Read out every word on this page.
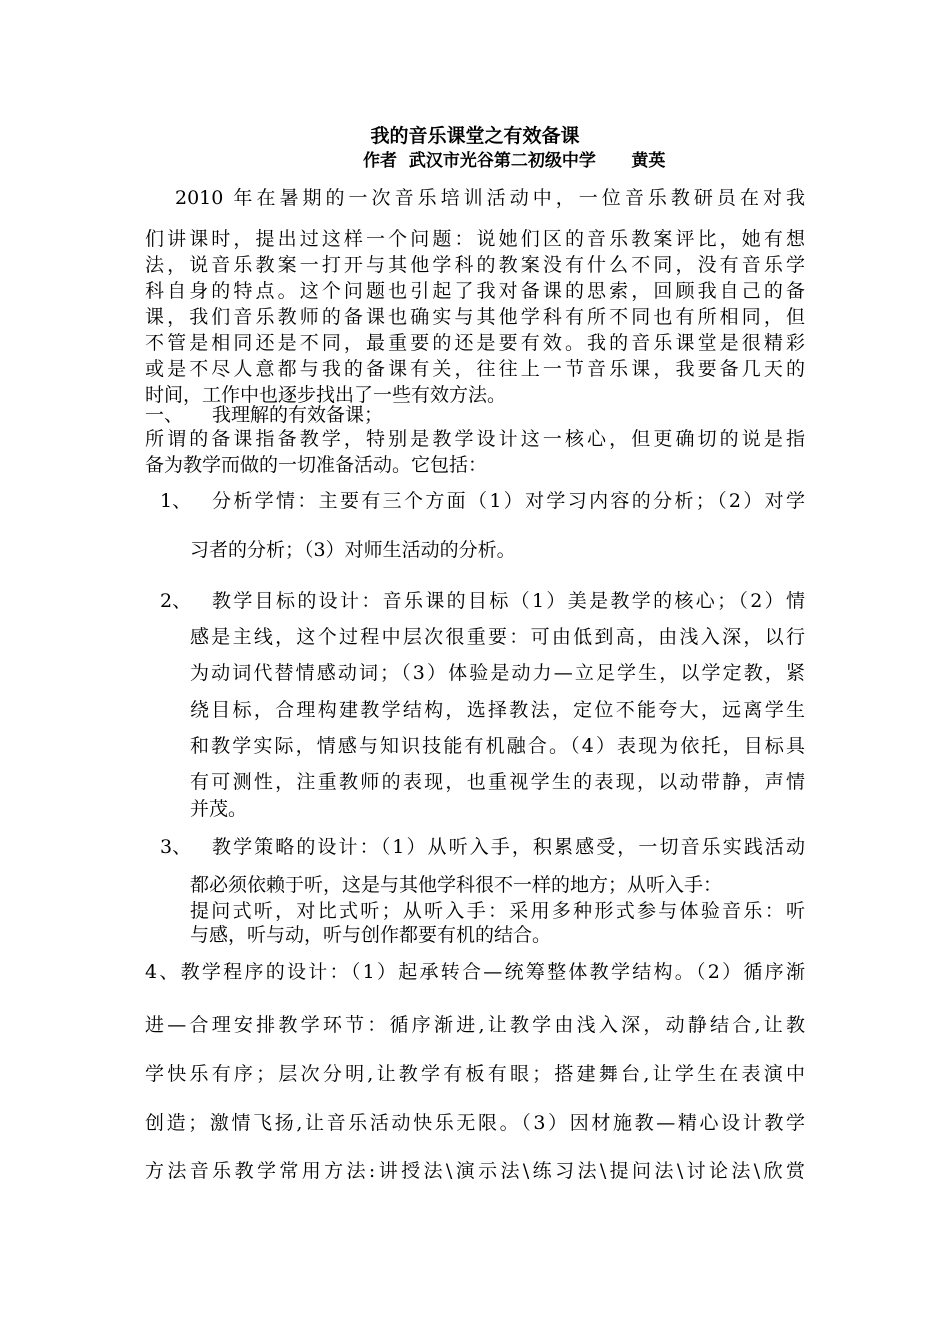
我的音乐课堂之有效备课
作者  武汉市光谷第二初级中学      黄英
2010 年在暑期的一次音乐培训活动中，一位音乐教研员在对我
们讲课时，提出过这样一个问题：说她们区的音乐教案评比，她有想
法，说音乐教案一打开与其他学科的教案没有什么不同，没有音乐学
科自身的特点。这个问题也引起了我对备课的思索，回顾我自己的备
课，我们音乐教师的备课也确实与其他学科有所不同也有所相同，但
不管是相同还是不同，最重要的还是要有效。我的音乐课堂是很精彩
或是不尽人意都与我的备课有关，往往上一节音乐课，我要备几天的
时间，工作中也逐步找出了一些有效方法。
一、 我理解的有效备课；
所谓的备课指备教学，特别是教学设计这一核心，但更确切的说是指
备为教学而做的一切准备活动。它包括：
1、 分析学情：主要有三个方面（1）对学习内容的分析；（2）对学
习者的分析；（3）对师生活动的分析。
2、 教学目标的设计：音乐课的目标（1）美是教学的核心；（2）情
感是主线，这个过程中层次很重要：可由低到高，由浅入深，以行
为动词代替情感动词；（3）体验是动力—立足学生，以学定教，紧
绕目标，合理构建教学结构，选择教法，定位不能夸大，远离学生
和教学实际，情感与知识技能有机融合。（4）表现为依托，目标具
有可测性，注重教师的表现，也重视学生的表现，以动带静，声情
并茂。
3、 教学策略的设计：（1）从听入手，积累感受，一切音乐实践活动
都必须依赖于听，这是与其他学科很不一样的地方；从听入手：
提问式听，对比式听；从听入手：采用多种形式参与体验音乐：听
与感，听与动，听与创作都要有机的结合。
4、教学程序的设计：（1）起承转合—统筹整体教学结构。（2）循序渐
进—合理安排教学环节：循序渐进,让教学由浅入深，动静结合,让教
学快乐有序；层次分明,让教学有板有眼；搭建舞台,让学生在表演中
创造；激情飞扬,让音乐活动快乐无限。（3）因材施教—精心设计教学
方法音乐教学常用方法:讲授法\演示法\练习法\提问法\讨论法\欣赏
